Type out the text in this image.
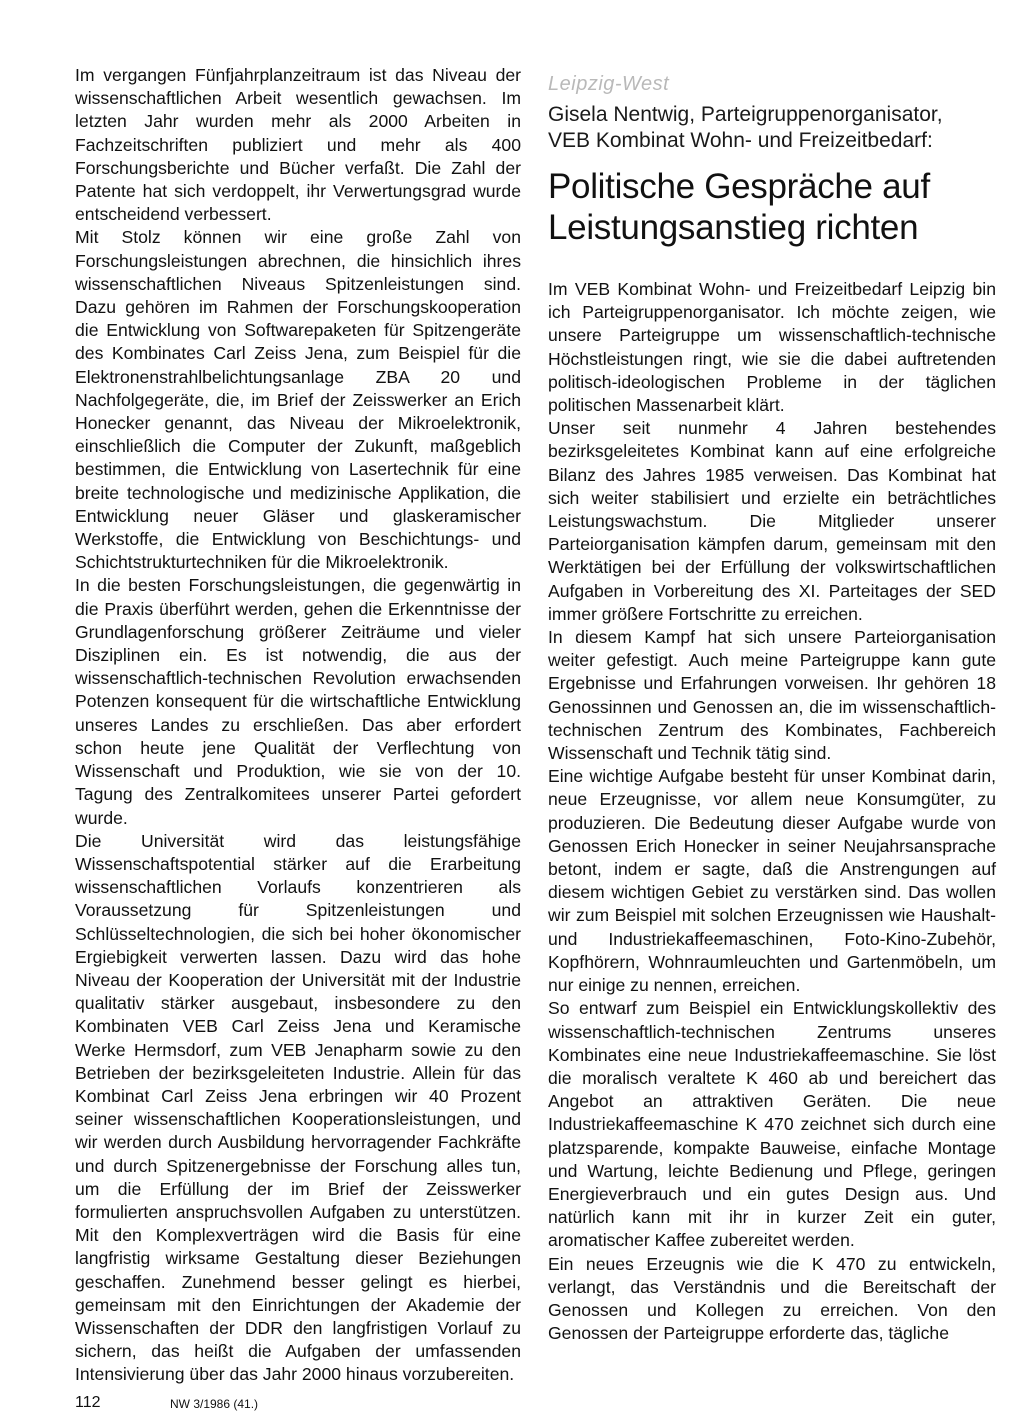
Im vergangen Fünfjahrplanzeitraum ist das Niveau der wissenschaftlichen Arbeit wesentlich gewachsen. Im letzten Jahr wurden mehr als 2000 Arbeiten in Fachzeitschriften publiziert und mehr als 400 Forschungsberichte und Bücher verfaßt. Die Zahl der Patente hat sich verdoppelt, ihr Verwertungsgrad wurde entscheidend verbessert.

Mit Stolz können wir eine große Zahl von Forschungsleistungen abrechnen, die hinsichlich ihres wissenschaftlichen Niveaus Spitzenleistungen sind. Dazu gehören im Rahmen der Forschungskooperation die Entwicklung von Softwarepaketen für Spitzengeräte des Kombinates Carl Zeiss Jena, zum Beispiel für die Elektronenstrahlbelichtungsanlage ZBA 20 und Nachfolgegeräte, die, im Brief der Zeisswerker an Erich Honecker genannt, das Niveau der Mikroelektronik, einschließlich die Computer der Zukunft, maßgeblich bestimmen, die Entwicklung von Lasertechnik für eine breite technologische und medizinische Applikation, die Entwicklung neuer Gläser und glaskeramischer Werkstoffe, die Entwicklung von Beschichtungs- und Schichtstrukturtechniken für die Mikroelektronik.

In die besten Forschungsleistungen, die gegenwärtig in die Praxis überführt werden, gehen die Erkenntnisse der Grundlagenforschung größerer Zeiträume und vieler Disziplinen ein. Es ist notwendig, die aus der wissenschaftlich-technischen Revolution erwachsenden Potenzen konsequent für die wirtschaftliche Entwicklung unseres Landes zu erschließen. Das aber erfordert schon heute jene Qualität der Verflechtung von Wissenschaft und Produktion, wie sie von der 10. Tagung des Zentralkomitees unserer Partei gefordert wurde.

Die Universität wird das leistungsfähige Wissenschaftspotential stärker auf die Erarbeitung wissenschaftlichen Vorlaufs konzentrieren als Voraussetzung für Spitzenleistungen und Schlüsseltechnologien, die sich bei hoher ökonomischer Ergiebigkeit verwerten lassen. Dazu wird das hohe Niveau der Kooperation der Universität mit der Industrie qualitativ stärker ausgebaut, insbesondere zu den Kombinaten VEB Carl Zeiss Jena und Keramische Werke Hermsdorf, zum VEB Jenapharm sowie zu den Betrieben der bezirksgeleiteten Industrie. Allein für das Kombinat Carl Zeiss Jena erbringen wir 40 Prozent seiner wissenschaftlichen Kooperationsleistungen, und wir werden durch Ausbildung hervorragender Fachkräfte und durch Spitzenergebnisse der Forschung alles tun, um die Erfüllung der im Brief der Zeisswerker formulierten anspruchsvollen Aufgaben zu unterstützen. Mit den Komplexverträgen wird die Basis für eine langfristig wirksame Gestaltung dieser Beziehungen geschaffen. Zunehmend besser gelingt es hierbei, gemeinsam mit den Einrichtungen der Akademie der Wissenschaften der DDR den langfristigen Vorlauf zu sichern, das heißt die Aufgaben der umfassenden Intensivierung über das Jahr 2000 hinaus vorzubereiten.

Leipzig-West
Gisela Nentwig, Parteigruppenorganisator,
VEB Kombinat Wohn- und Freizeitbedarf:
Politische Gespräche auf
Leistungsanstieg richten

Im VEB Kombinat Wohn- und Freizeitbedarf Leipzig bin ich Parteigruppenorganisator. Ich möchte zeigen, wie unsere Parteigruppe um wissenschaftlich-technische Höchstleistungen ringt, wie sie die dabei auftretenden politisch-ideologischen Probleme in der täglichen politischen Massenarbeit klärt.

Unser seit nunmehr 4 Jahren bestehendes bezirksgeleitetes Kombinat kann auf eine erfolgreiche Bilanz des Jahres 1985 verweisen. Das Kombinat hat sich weiter stabilisiert und erzielte ein beträchtliches Leistungswachstum. Die Mitglieder unserer Parteiorganisation kämpfen darum, gemeinsam mit den Werktätigen bei der Erfüllung der volkswirtschaftlichen Aufgaben in Vorbereitung des XI. Parteitages der SED immer größere Fortschritte zu erreichen.

In diesem Kampf hat sich unsere Parteiorganisation weiter gefestigt. Auch meine Parteigruppe kann gute Ergebnisse und Erfahrungen vorweisen. Ihr gehören 18 Genossinnen und Genossen an, die im wissenschaftlich-technischen Zentrum des Kombinates, Fachbereich Wissenschaft und Technik tätig sind.

Eine wichtige Aufgabe besteht für unser Kombinat darin, neue Erzeugnisse, vor allem neue Konsumgüter, zu produzieren. Die Bedeutung dieser Aufgabe wurde von Genossen Erich Honecker in seiner Neujahrsansprache betont, indem er sagte, daß die Anstrengungen auf diesem wichtigen Gebiet zu verstärken sind. Das wollen wir zum Beispiel mit solchen Erzeugnissen wie Haushalt- und Industriekaffeemaschinen, Foto-Kino-Zubehör, Kopfhörern, Wohnraumleuchten und Gartenmöbeln, um nur einige zu nennen, erreichen.

So entwarf zum Beispiel ein Entwicklungskollektiv des wissenschaftlich-technischen Zentrums unseres Kombinates eine neue Industriekaffeemaschine. Sie löst die moralisch veraltete K 460 ab und bereichert das Angebot an attraktiven Geräten. Die neue Industriekaffeemaschine K 470 zeichnet sich durch eine platzsparende, kompakte Bauweise, einfache Montage und Wartung, leichte Bedienung und Pflege, geringen Energieverbrauch und ein gutes Design aus. Und natürlich kann mit ihr in kurzer Zeit ein guter, aromatischer Kaffee zubereitet werden.

Ein neues Erzeugnis wie die K 470 zu entwickeln, verlangt, das Verständnis und die Bereitschaft der Genossen und Kollegen zu erreichen. Von den Genossen der Parteigruppe erforderte das, tägliche

112	NW 3/1986 (41.)
